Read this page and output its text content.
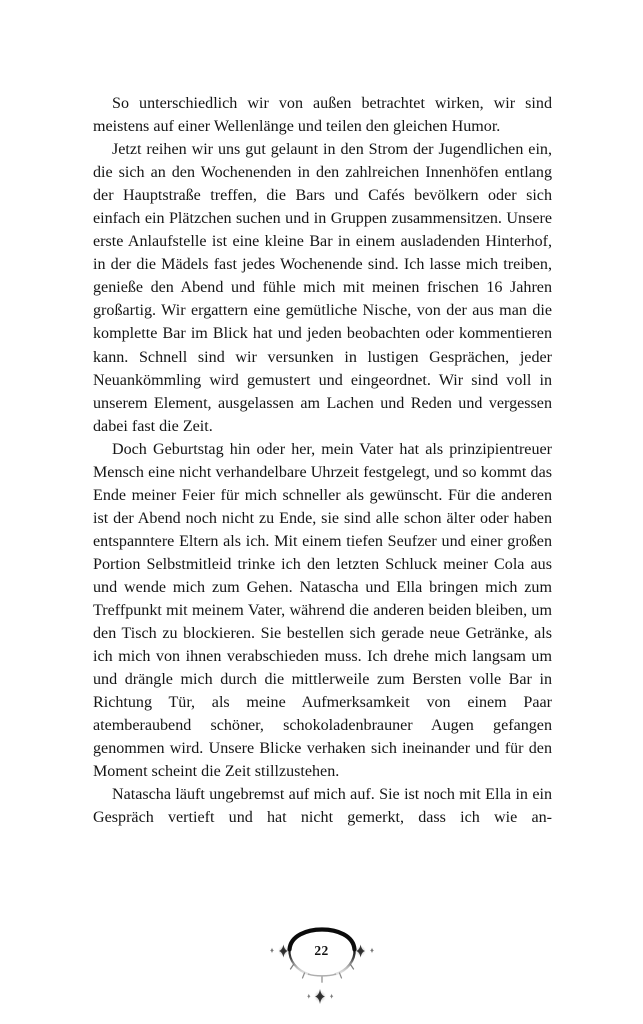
So unterschiedlich wir von außen betrachtet wirken, wir sind meistens auf einer Wellenlänge und teilen den gleichen Humor.

Jetzt reihen wir uns gut gelaunt in den Strom der Jugendlichen ein, die sich an den Wochenenden in den zahlreichen Innenhöfen entlang der Hauptstraße treffen, die Bars und Cafés bevölkern oder sich einfach ein Plätzchen suchen und in Gruppen zusammensitzen. Unsere erste Anlaufstelle ist eine kleine Bar in einem ausladenden Hinterhof, in der die Mädels fast jedes Wochenende sind. Ich lasse mich treiben, genieße den Abend und fühle mich mit meinen frischen 16 Jahren großartig. Wir ergattern eine gemütliche Nische, von der aus man die komplette Bar im Blick hat und jeden beobachten oder kommentieren kann. Schnell sind wir versunken in lustigen Gesprächen, jeder Neuankömmling wird gemustert und eingeordnet. Wir sind voll in unserem Element, ausgelassen am Lachen und Reden und vergessen dabei fast die Zeit.

Doch Geburtstag hin oder her, mein Vater hat als prinzipientreuer Mensch eine nicht verhandelbare Uhrzeit festgelegt, und so kommt das Ende meiner Feier für mich schneller als gewünscht. Für die anderen ist der Abend noch nicht zu Ende, sie sind alle schon älter oder haben entspanntere Eltern als ich. Mit einem tiefen Seufzer und einer großen Portion Selbstmitleid trinke ich den letzten Schluck meiner Cola aus und wende mich zum Gehen. Natascha und Ella bringen mich zum Treffpunkt mit meinem Vater, während die anderen beiden bleiben, um den Tisch zu blockieren. Sie bestellen sich gerade neue Getränke, als ich mich von ihnen verabschieden muss. Ich drehe mich langsam um und drängle mich durch die mittlerweile zum Bersten volle Bar in Richtung Tür, als meine Aufmerksamkeit von einem Paar atemberaubend schöner, schokoladenbrauner Augen gefangen genommen wird. Unsere Blicke verhaken sich ineinander und für den Moment scheint die Zeit stillzustehen.

Natascha läuft ungebremst auf mich auf. Sie ist noch mit Ella in ein Gespräch vertieft und hat nicht gemerkt, dass ich wie an-

22
